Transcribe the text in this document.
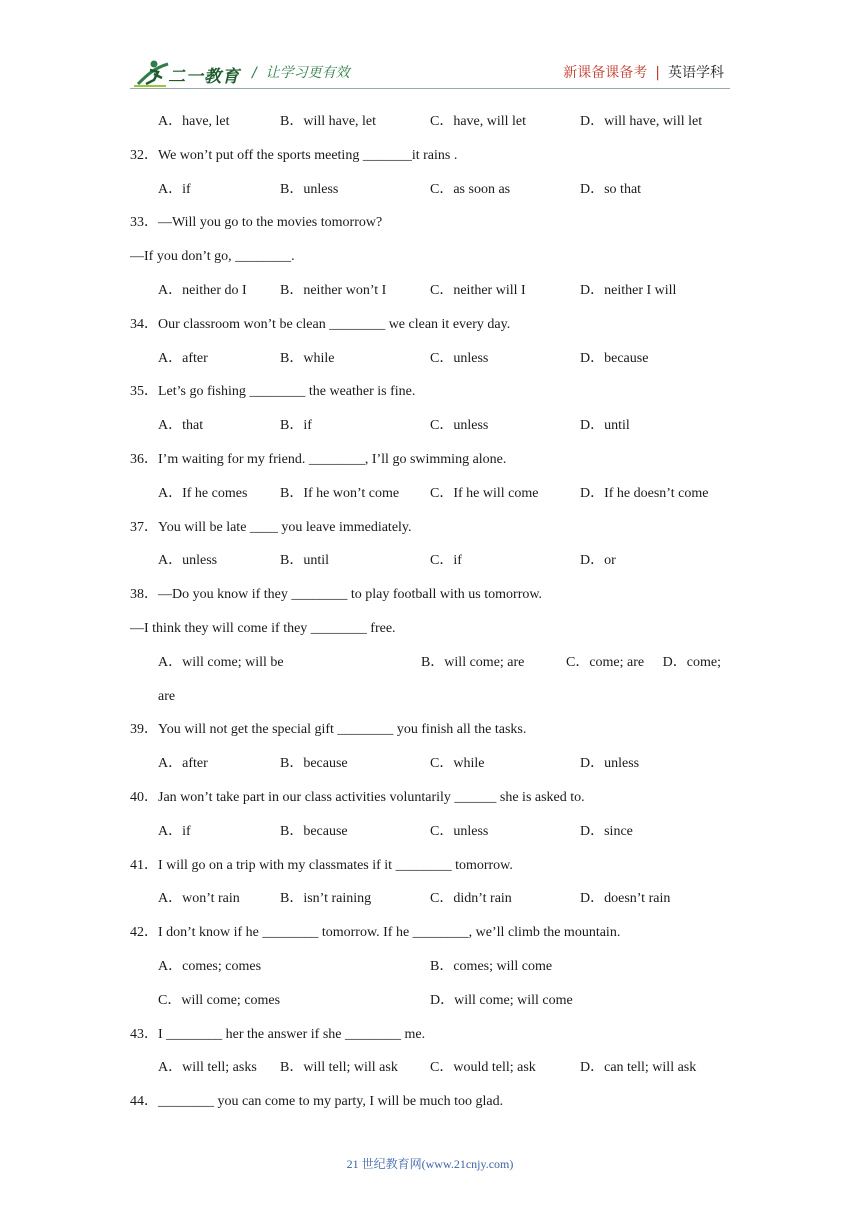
二一教育 /  让学习更有效	新课备课备考 | 英语学科
A．have, let	B．will have, let	C．have, will let	D．will have, will let
32．We won’t put off the sports meeting _______it rains .
A．if	B．unless	C．as soon as	D．so that
33．—Will you go to the movies tomorrow?
—If you don’t go, ________.
A．neither do I	B．neither won’t I	C．neither will I	D．neither I will
34．Our classroom won’t be clean ________ we clean it every day.
A．after	B．while	C．unless	D．because
35．Let’s go fishing ________ the weather is fine.
A．that	B．if	C．unless	D．until
36．I’m waiting for my friend. ________, I’ll go swimming alone.
A．If he comes	B．If he won’t come	C．If he will come	D．If he doesn’t come
37．You will be late ____ you leave immediately.
A．unless	B．until	C．if	D．or
38．—Do you know if they ________ to play football with us tomorrow.
—I think they will come if they ________ free.
A．will come; will be	B．will come; are	C．come; are	D．come;
are
39．You will not get the special gift ________ you finish all the tasks.
A．after	B．because	C．while	D．unless
40．Jan won’t take part in our class activities voluntarily ______ she is asked to.
A．if	B．because	C．unless	D．since
41．I will go on a trip with my classmates if it ________ tomorrow.
A．won’t rain	B．isn’t raining	C．didn’t rain	D．doesn’t rain
42．I don’t know if he ________ tomorrow. If he ________, we’ll climb the mountain.
A．comes; comes	B．comes; will come
C．will come; comes	D．will come; will come
43．I ________ her the answer if she ________ me.
A．will tell; asks	B．will tell; will ask	C．would tell; ask	D．can tell; will ask
44．________ you can come to my party, I will be much too glad.
21 世纪教育网(www.21cnjy.com)
